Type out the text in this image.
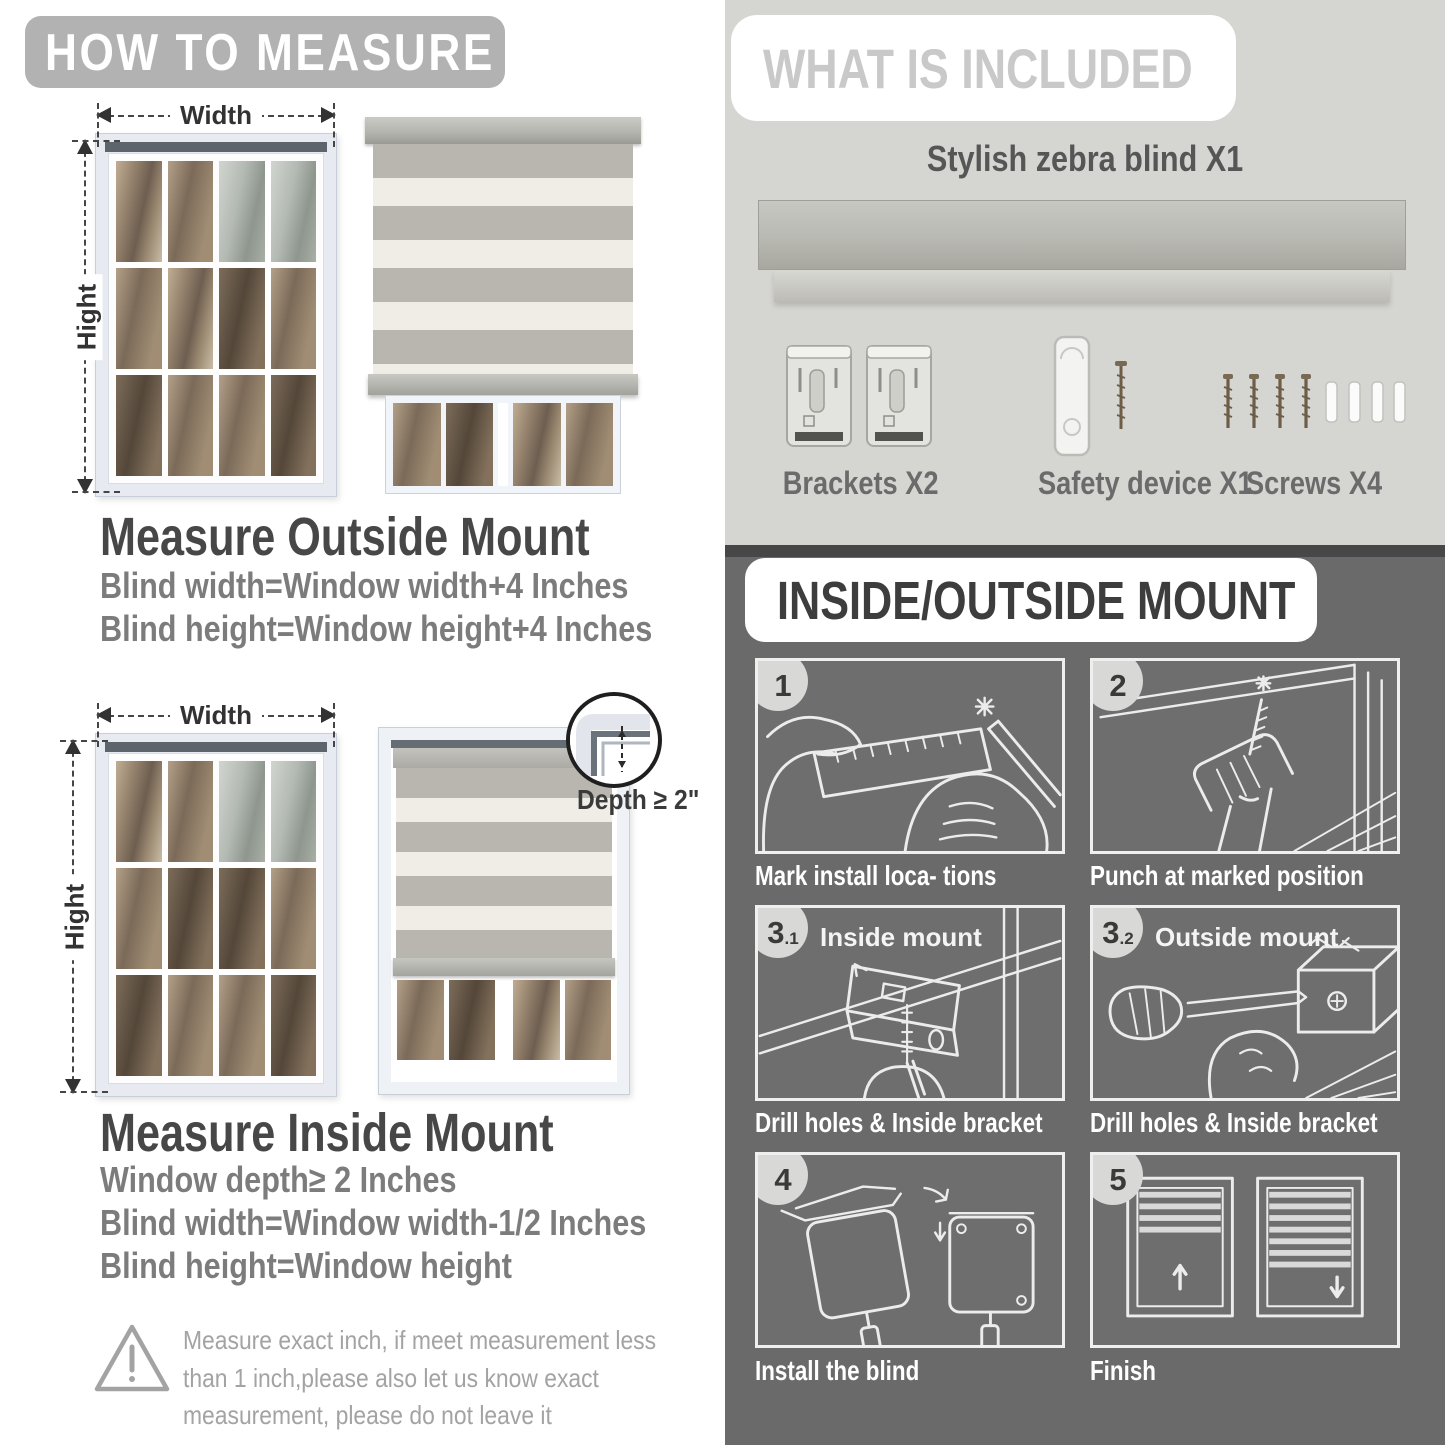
HOW TO MEASURE
Width
Hight
Measure Outside Mount
Blind width=Window width+4 Inches
Blind height=Window height+4 Inches
Width
Hight
Depth ≥ 2"
Measure Inside Mount
Window depth≥ 2 Inches
Blind width=Window width-1/2 Inches
Blind height=Window height
Measure exact inch, if meet measurement less than 1 inch,please also let us know exact measurement, please do not leave it
WHAT IS INCLUDED
Stylish zebra blind X1
Brackets X2	Safety device X1
Screws X4
INSIDE/OUTSIDE MOUNT
1
Mark install loca- tions
2
Punch at marked position
3 .1 Inside mount
Drill holes & Inside bracket
3 .2 Outside mount
Drill holes & Inside bracket
4
Install the blind
5
Finish
